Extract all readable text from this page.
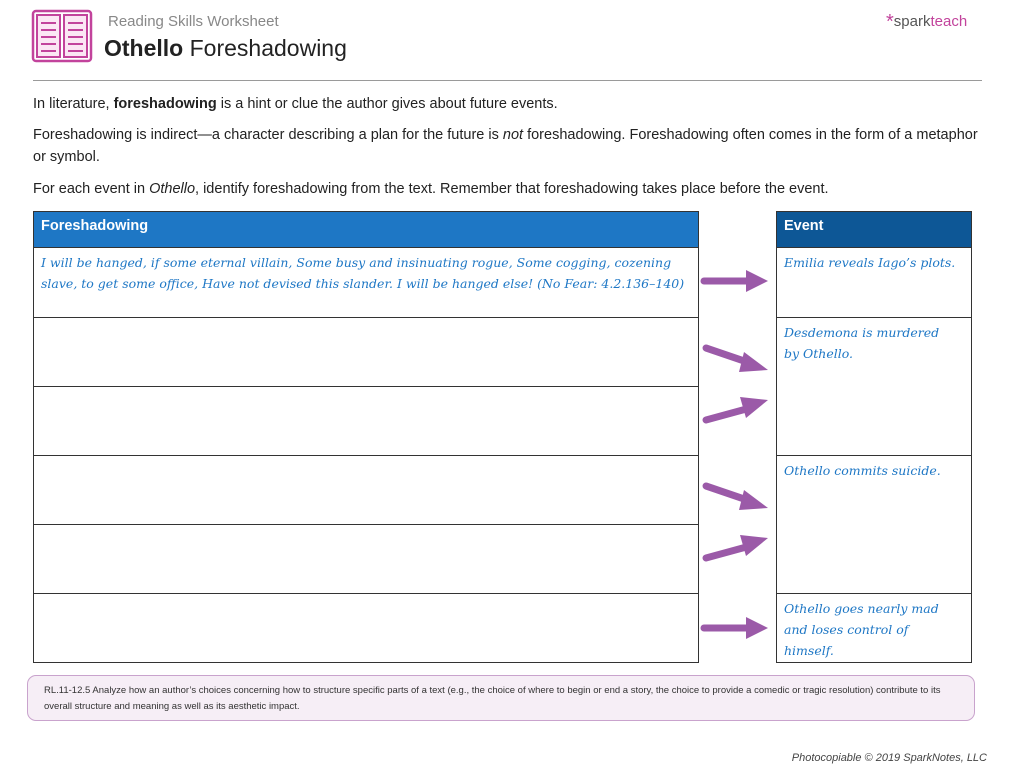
Reading Skills Worksheet
Othello Foreshadowing
*sparkteach
In literature, foreshadowing is a hint or clue the author gives about future events.
Foreshadowing is indirect—a character describing a plan for the future is not foreshadowing. Foreshadowing often comes in the form of a metaphor or symbol.
For each event in Othello, identify foreshadowing from the text. Remember that foreshadowing takes place before the event.
Foreshadowing
I will be hanged, if some eternal villain, Some busy and insinuating rogue, Some cogging, cozening slave, to get some office, Have not devised this slander. I will be hanged else! (No Fear: 4.2.136–140)
Event
Emilia reveals Iago’s plots.
Desdemona is murdered by Othello.
Othello commits suicide.
Othello goes nearly mad and loses control of himself.
RL.11-12.5 Analyze how an author’s choices concerning how to structure specific parts of a text (e.g., the choice of where to begin or end a story, the choice to provide a comedic or tragic resolution) contribute to its overall structure and meaning as well as its aesthetic impact.
Photocopiable © 2019 SparkNotes, LLC
